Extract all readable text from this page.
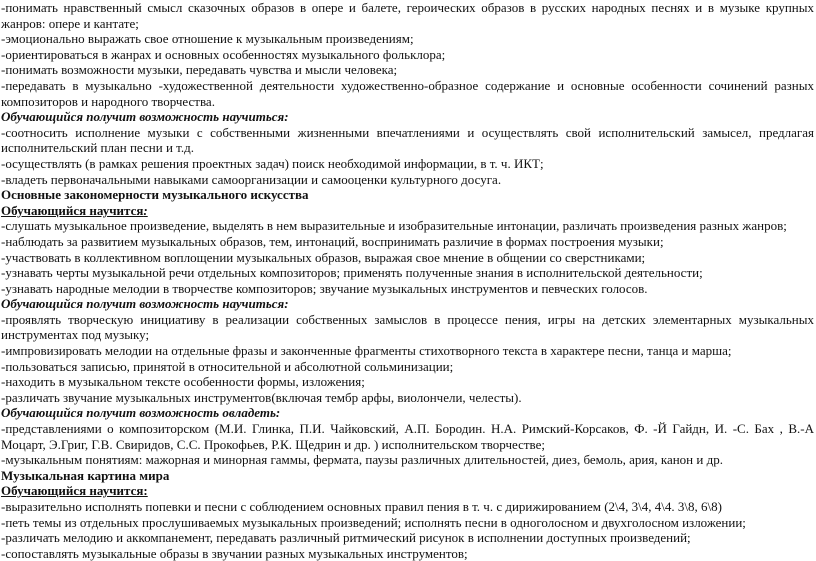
-понимать нравственный смысл сказочных образов в опере и балете, героических образов в русских народных песнях и в музыке крупных жанров: опере и кантате;

-эмоционально выражать свое отношение к музыкальным произведениям;

-ориентироваться в жанрах и основных особенностях музыкального фольклора;

-понимать возможности музыки, передавать чувства и мысли человека;

-передавать в музыкально -художественной деятельности художественно-образное содержание и основные особенности сочинений разных композиторов и народного творчества.

Обучающийся получит возможность научиться:

-соотносить исполнение музыки с собственными жизненными впечатлениями и осуществлять свой исполнительский замысел, предлагая исполнительский план песни и т.д.

-осуществлять (в рамках решения проектных задач) поиск необходимой информации, в т. ч. ИКТ;

-владеть первоначальными навыками самоорганизации и самооценки культурного досуга.

Основные закономерности музыкального искусства

Обучающийся научится:

-слушать музыкальное произведение, выделять в нем выразительные и изобразительные интонации, различать произведения разных жанров;

-наблюдать за развитием музыкальных образов, тем, интонаций, воспринимать различие в формах построения музыки;

-участвовать в коллективном воплощении музыкальных образов, выражая свое мнение в общении со сверстниками;

-узнавать черты музыкальной речи отдельных композиторов; применять полученные знания в исполнительской деятельности;

-узнавать народные мелодии в творчестве композиторов; звучание музыкальных инструментов и певческих голосов.

Обучающийся получит возможность научиться:

-проявлять творческую инициативу в реализации собственных замыслов в процессе пения, игры на детских элементарных музыкальных инструментах под музыку;

-импровизировать мелодии на отдельные фразы и законченные фрагменты стихотворного текста в характере песни, танца и марша;

-пользоваться записью, принятой в относительной и абсолютной сольминизации;

-находить в музыкальном тексте особенности формы, изложения;

-различать звучание музыкальных инструментов(включая тембр арфы, виолончели, челесты).

Обучающийся получит возможность овладеть:

-представлениями о композиторском (М.И. Глинка, П.И. Чайковский, А.П. Бородин. Н.А. Римский-Корсаков, Ф. -Й Гайдн, И. -С. Бах , В.-А Моцарт, Э.Григ, Г.В. Свиридов, С.С. Прокофьев, Р.К. Щедрин и др. ) исполнительском творчестве;

-музыкальным понятиям: мажорная и минорная гаммы, фермата, паузы различных длительностей, диез, бемоль, ария, канон и др.

Музыкальная картина мира

Обучающийся научится:

-выразительно исполнять попевки и песни с соблюдением основных правил пения в т. ч. с дирижированием (2\4, 3\4, 4\4. 3\8, 6\8)

-петь темы из отдельных прослушиваемых музыкальных произведений; исполнять песни в одноголосном и двухголосном изложении;

-различать мелодию и аккомпанемент, передавать различный ритмический рисунок в исполнении доступных произведений;

-сопоставлять музыкальные образы в звучании разных музыкальных инструментов;
